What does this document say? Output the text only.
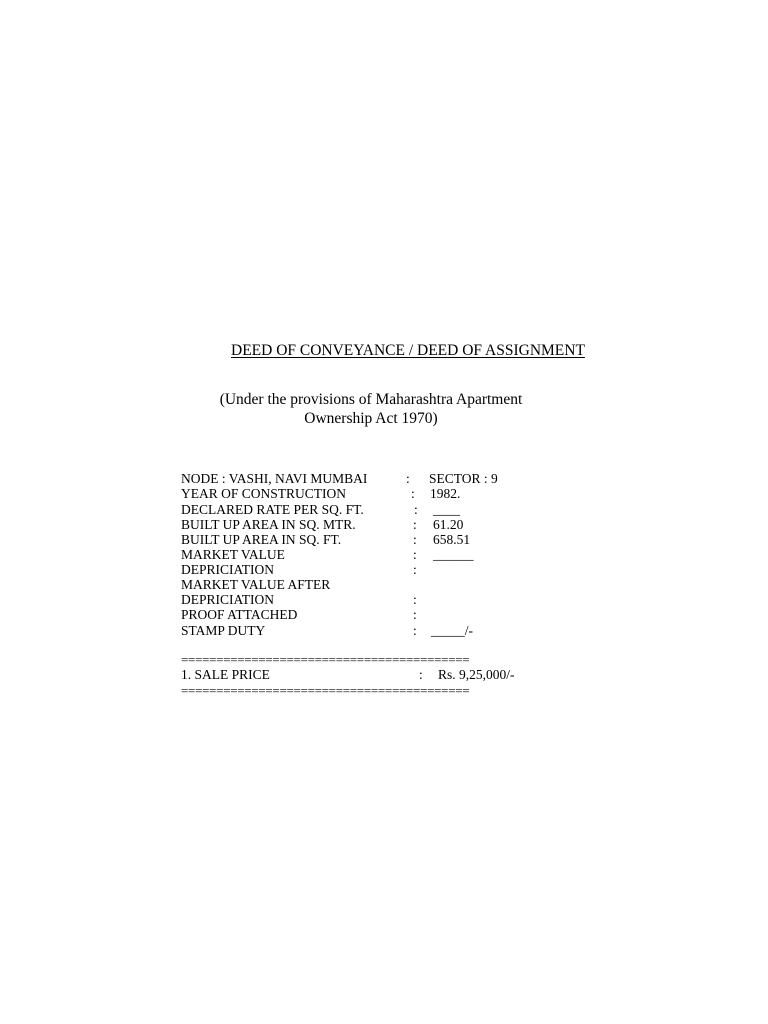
DEED OF CONVEYANCE / DEED OF ASSIGNMENT
(Under the provisions of Maharashtra Apartment
Ownership Act 1970)
NODE : VASHI, NAVI MUMBAI	: SECTOR : 9
YEAR OF CONSTRUCTION	: 1982.
DECLARED RATE PER SQ. FT.	: ____
BUILT UP AREA IN SQ. MTR.	: 61.20
BUILT UP AREA IN SQ. FT.	: 658.51
MARKET VALUE	: ______
DEPRICIATION	:
MARKET VALUE AFTER
DEPRICIATION	:
PROOF ATTACHED	:
STAMP DUTY	: _____/-
=========================================
1. SALE PRICE	: Rs. 9,25,000/-
=========================================
